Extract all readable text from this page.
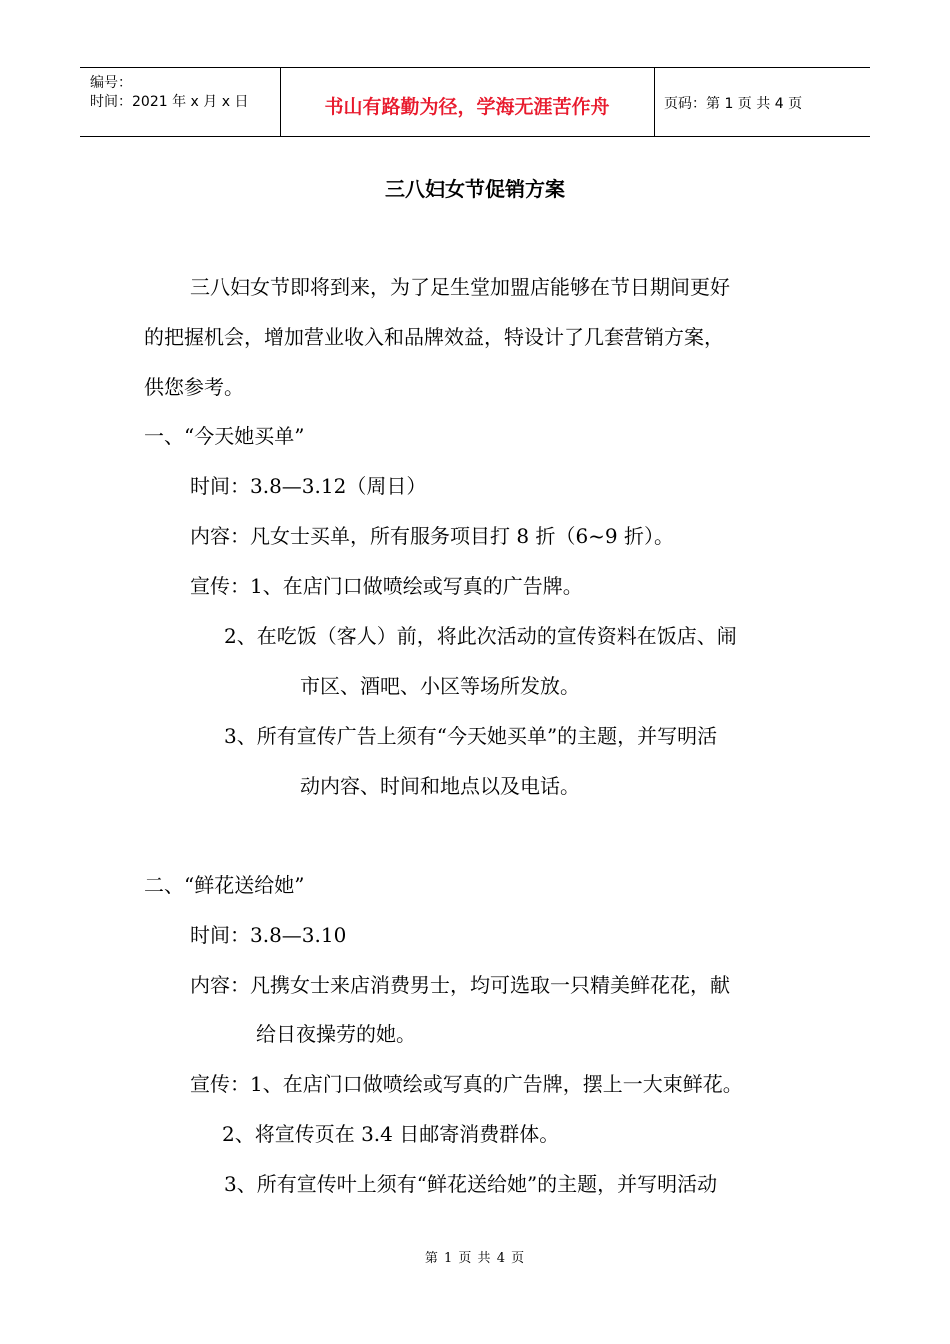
编号：
时间：2021 年 x 月 x 日	书山有路勤为径，学海无涯苦作舟	页码：第 1 页 共 4 页
三八妇女节促销方案
三八妇女节即将到来，为了足生堂加盟店能够在节日期间更好
的把握机会，增加营业收入和品牌效益，特设计了几套营销方案，
供您参考。
一、“今天她买单”
时间：3.8—3.12（周日）
内容：凡女士买单，所有服务项目打 8 折（6~9 折）。
宣传：1、在店门口做喷绘或写真的广告牌。
2、在吃饭（客人）前，将此次活动的宣传资料在饭店、闹
市区、酒吧、小区等场所发放。
3、所有宣传广告上须有“今天她买单”的主题，并写明活
动内容、时间和地点以及电话。
二、“鲜花送给她”
时间：3.8—3.10
内容：凡携女士来店消费男士，均可选取一只精美鲜花花，献
给日夜操劳的她。
宣传：1、在店门口做喷绘或写真的广告牌，摆上一大束鲜花。
2、将宣传页在 3.4 日邮寄消费群体。
3、所有宣传叶上须有“鲜花送给她”的主题，并写明活动
第 1 页 共 4 页
